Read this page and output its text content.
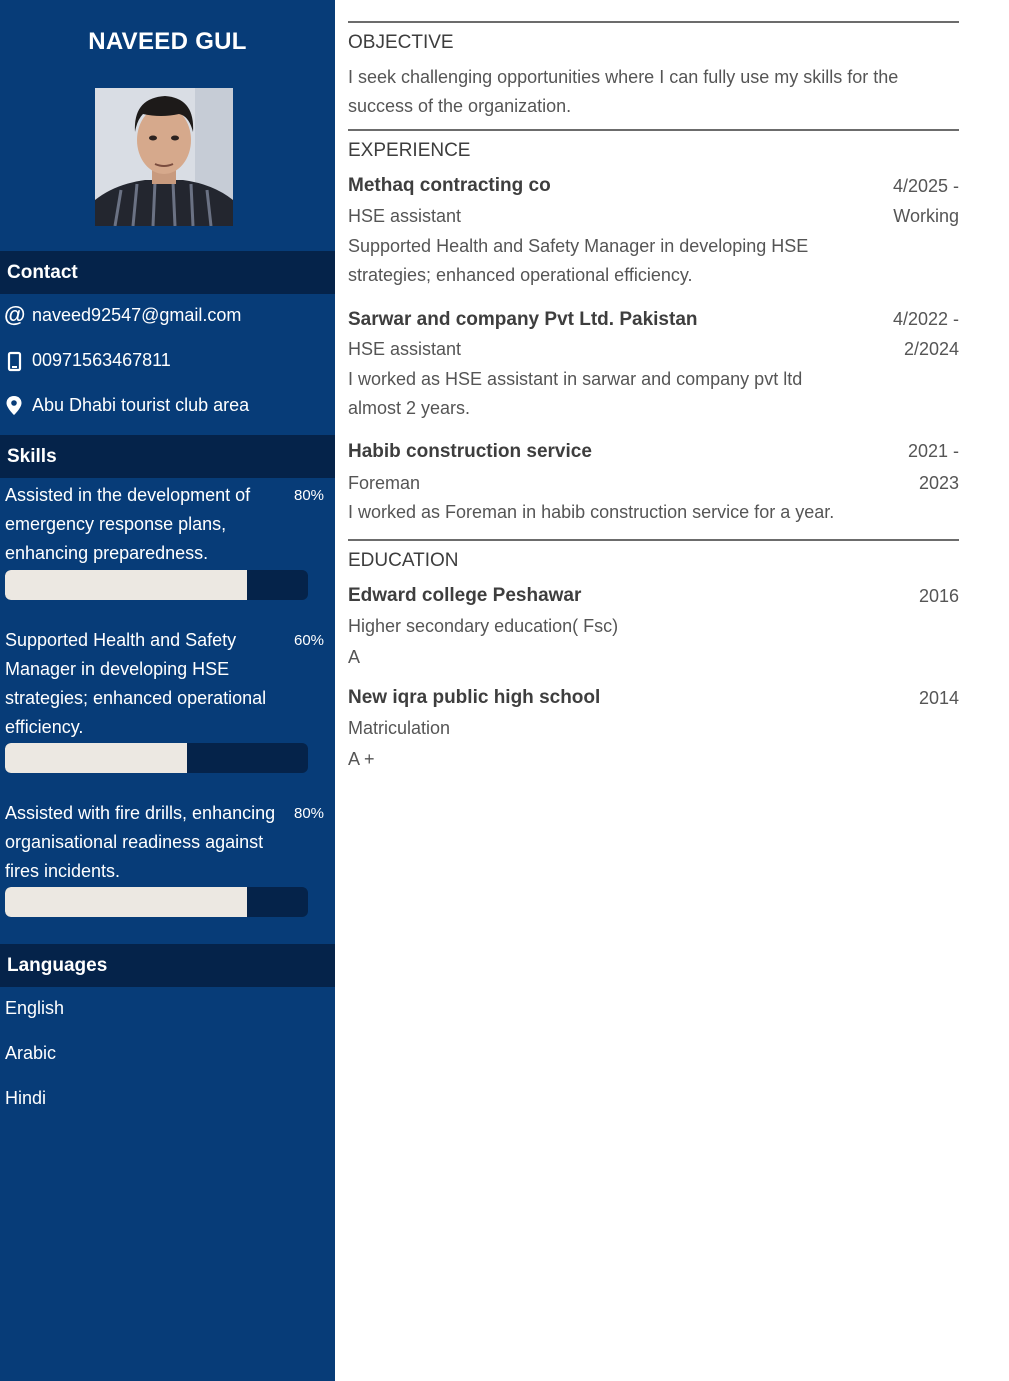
NAVEED GUL
Contact
@ naveed92547@gmail.com
00971563467811
Abu Dhabi tourist club area
Skills
Assisted in the development of emergency response plans, enhancing preparedness.
80%
Supported Health and Safety Manager in developing HSE strategies; enhanced operational efficiency.
60%
Assisted with fire drills, enhancing organisational readiness against fires incidents.
80%
Languages
English
Arabic
Hindi
OBJECTIVE
I seek challenging opportunities where I can fully use my skills for the success of the organization.
EXPERIENCE
Methaq contracting co
HSE assistant
4/2025 -
Working
Supported Health and Safety Manager in developing HSE strategies; enhanced operational efficiency.
Sarwar and company Pvt Ltd. Pakistan
HSE assistant
4/2022 -
2/2024
I worked as HSE assistant in sarwar and company pvt ltd almost 2 years.
Habib construction service
Foreman
2021 -
2023
I worked as Foreman in habib construction service for a year.
EDUCATION
Edward college Peshawar	2016
Higher secondary education( Fsc)
A
New iqra public high school	2014
Matriculation
A +
